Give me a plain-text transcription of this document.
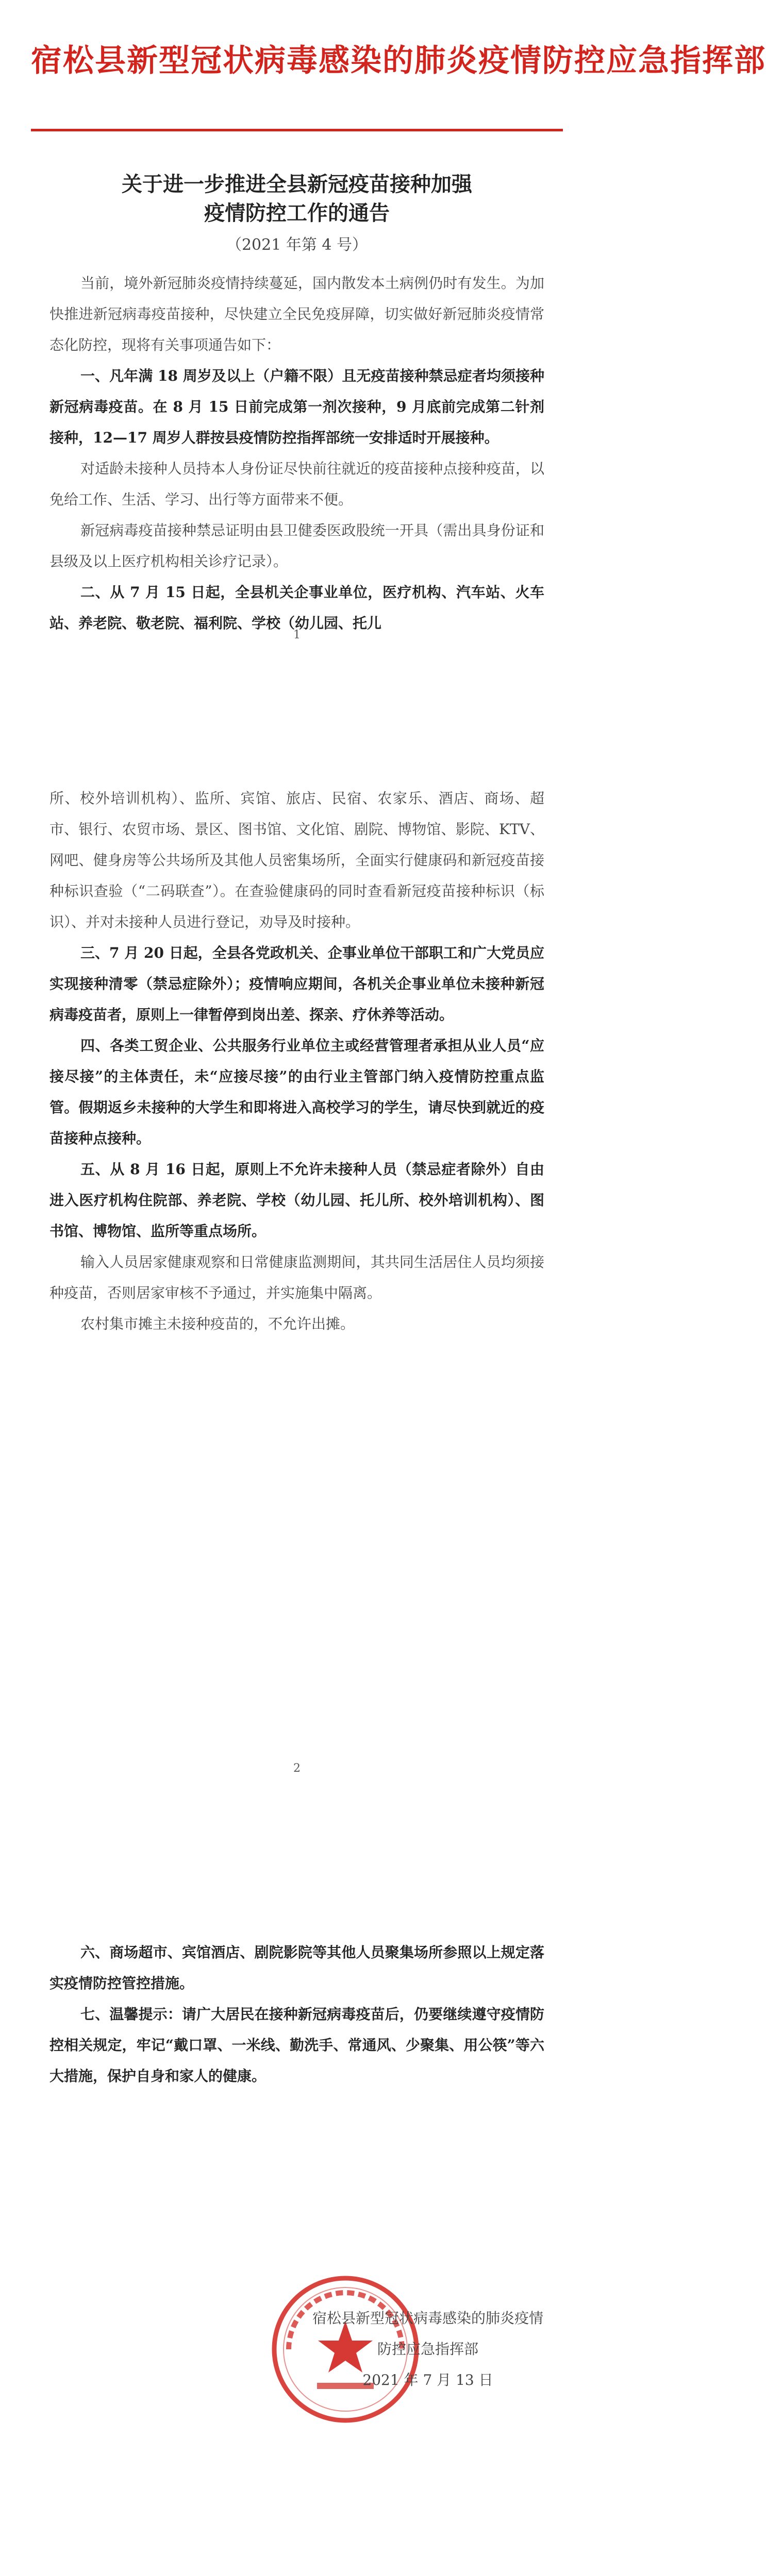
宿松县新型冠状病毒感染的肺炎疫情防控应急指挥部
关于进一步推进全县新冠疫苗接种加强
疫情防控工作的通告
（2021 年第 4 号）

当前，境外新冠肺炎疫情持续蔓延，国内散发本土病例仍时有发生。为加快推进新冠病毒疫苗接种，尽快建立全民免疫屏障，切实做好新冠肺炎疫情常态化防控，现将有关事项通告如下：

一、凡年满 18 周岁及以上（户籍不限）且无疫苗接种禁忌症者均须接种新冠病毒疫苗。在 8 月 15 日前完成第一剂次接种，9 月底前完成第二针剂接种，12—17 周岁人群按县疫情防控指挥部统一安排适时开展接种。

对适龄未接种人员持本人身份证尽快前往就近的疫苗接种点接种疫苗，以免给工作、生活、学习、出行等方面带来不便。

新冠病毒疫苗接种禁忌证明由县卫健委医政股统一开具（需出具身份证和县级及以上医疗机构相关诊疗记录）。

二、从 7 月 15 日起，全县机关企事业单位，医疗机构、汽车站、火车站、养老院、敬老院、福利院、学校（幼儿园、托儿

1

所、校外培训机构）、监所、宾馆、旅店、民宿、农家乐、酒店、商场、超市、银行、农贸市场、景区、图书馆、文化馆、剧院、博物馆、影院、KTV、网吧、健身房等公共场所及其他人员密集场所，全面实行健康码和新冠疫苗接种标识查验（“二码联查”）。在查验健康码的同时查看新冠疫苗接种标识（标识）、并对未接种人员进行登记，劝导及时接种。

三、7 月 20 日起，全县各党政机关、企事业单位干部职工和广大党员应实现接种清零（禁忌症除外）；疫情响应期间，各机关企事业单位未接种新冠病毒疫苗者，原则上一律暂停到岗出差、探亲、疗休养等活动。

四、各类工贸企业、公共服务行业单位主或经营管理者承担从业人员“应接尽接”的主体责任，未“应接尽接”的由行业主管部门纳入疫情防控重点监管。假期返乡未接种的大学生和即将进入高校学习的学生，请尽快到就近的疫苗接种点接种。

五、从 8 月 16 日起，原则上不允许未接种人员（禁忌症者除外）自由进入医疗机构住院部、养老院、学校（幼儿园、托儿所、校外培训机构）、图书馆、博物馆、监所等重点场所。

输入人员居家健康观察和日常健康监测期间，其共同生活居住人员均须接种疫苗，否则居家审核不予通过，并实施集中隔离。

农村集市摊主未接种疫苗的，不允许出摊。

2

六、商场超市、宾馆酒店、剧院影院等其他人员聚集场所参照以上规定落实疫情防控管控措施。

七、温馨提示：请广大居民在接种新冠病毒疫苗后，仍要继续遵守疫情防控相关规定，牢记“戴口罩、一米线、勤洗手、常通风、少聚集、用公筷”等六大措施，保护自身和家人的健康。

宿松县新型冠状病毒感染的肺炎疫情防控应急指挥部
2021 年 7 月 13 日
